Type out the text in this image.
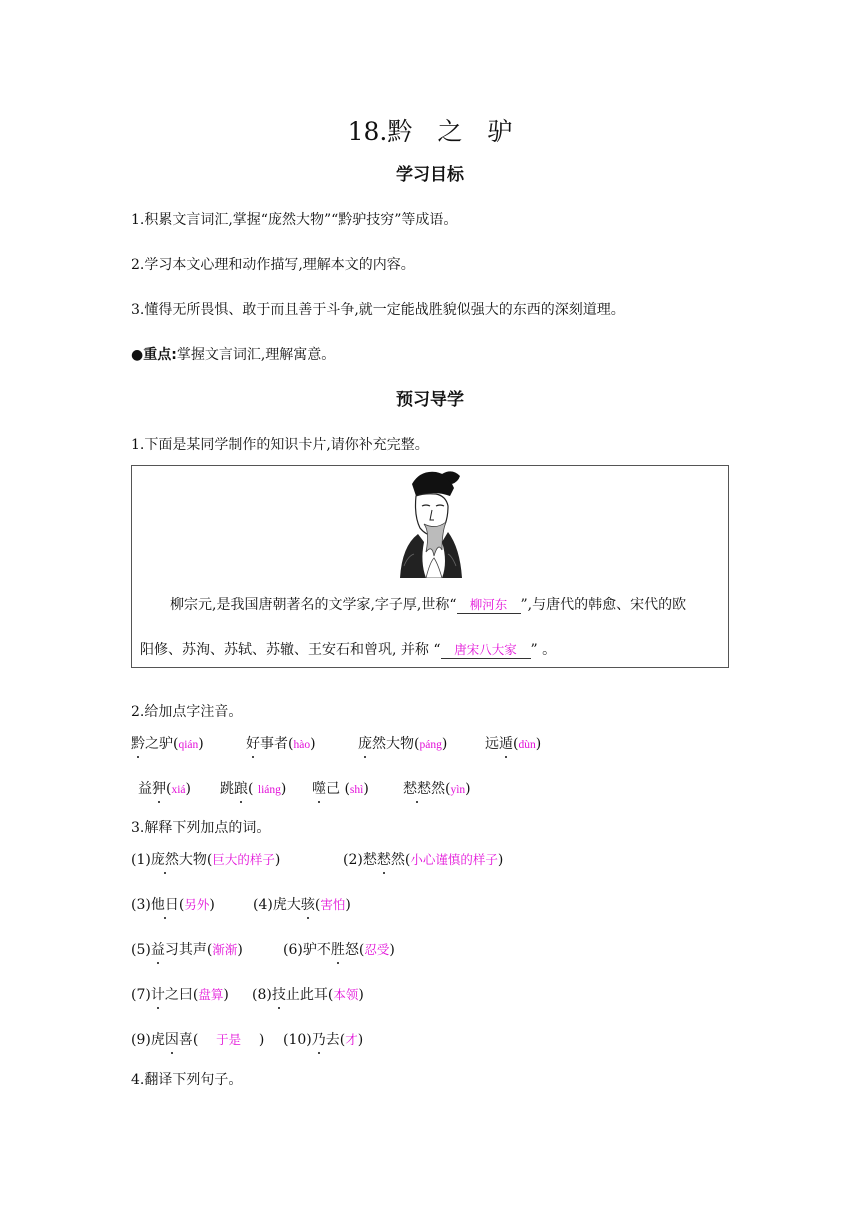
18.黔　之　驴
学习目标
1.积累文言词汇,掌握“庞然大物”“黔驴技穷”等成语。
2.学习本文心理和动作描写,理解本文的内容。
3.懂得无所畏惧、敢于而且善于斗争,就一定能战胜貌似强大的东西的深刻道理。
●重点:掌握文言词汇,理解寓意。
预习导学
1.下面是某同学制作的知识卡片,请你补充完整。
柳宗元,是我国唐朝著名的文学家,字子厚,世称“ 柳河东 ”,与唐代的韩愈、宋代的欧
阳修、苏洵、苏轼、苏辙、王安石和曾巩, 并称 “ 唐宋八大家 ” 。
2.给加点字注音。
黔之驴(qián)	好事者(hào)	庞然大物(páng)	远遁(dùn)
益狎(xiá) 跳踉( liáng) 噬己 (shì) 慭慭然(yìn)
3.解释下列加点的词。
(1)庞然大物(巨大的样子)	(2)慭慭然(小心谨慎的样子)
(3)他日(另外)	(4)虎大骇(害怕)
(5)益习其声(渐渐)	(6)驴不胜怒(忍受)
(7)计之曰(盘算) (8)技止此耳(本领)
(9)虎因喜(    于是    ) (10)乃去(才)
4.翻译下列句子。
